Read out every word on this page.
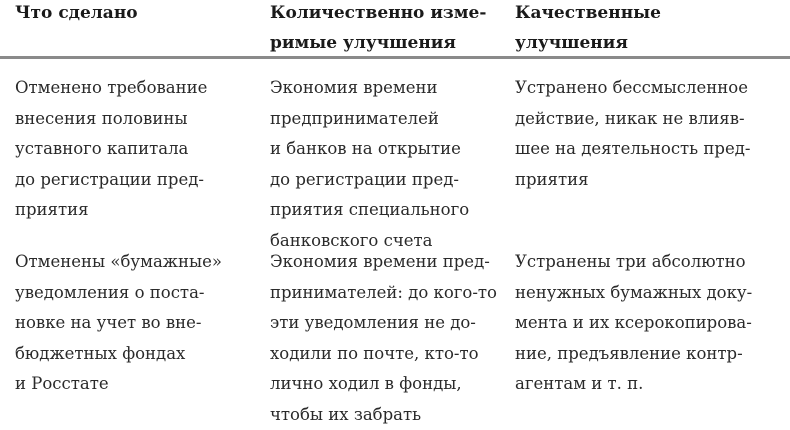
Что сделано	Количественно изме-
римые улучшения
Качественные
улучшения
Отменено требование
внесения половины
уставного капитала
до регистрации пред-
приятия
Экономия времени
предпринимателей
и банков на открытие
до регистрации пред-
приятия специального
банковского счета
Устранено бессмысленное
действие, никак не влияв-
шее на деятельность пред-
приятия
Отменены «бумажные»
уведомления о поста-
новке на учет во вне-
бюджетных фондах
и Росстате
Экономия времени пред-
принимателей: до кого-то
эти уведомления не до-
ходили по почте, кто-то
лично ходил в фонды,
чтобы их забрать
Устранены три абсолютно
ненужных бумажных доку-
мента и их ксерокопирова-
ние, предъявление контр-
агентам и т. п.
